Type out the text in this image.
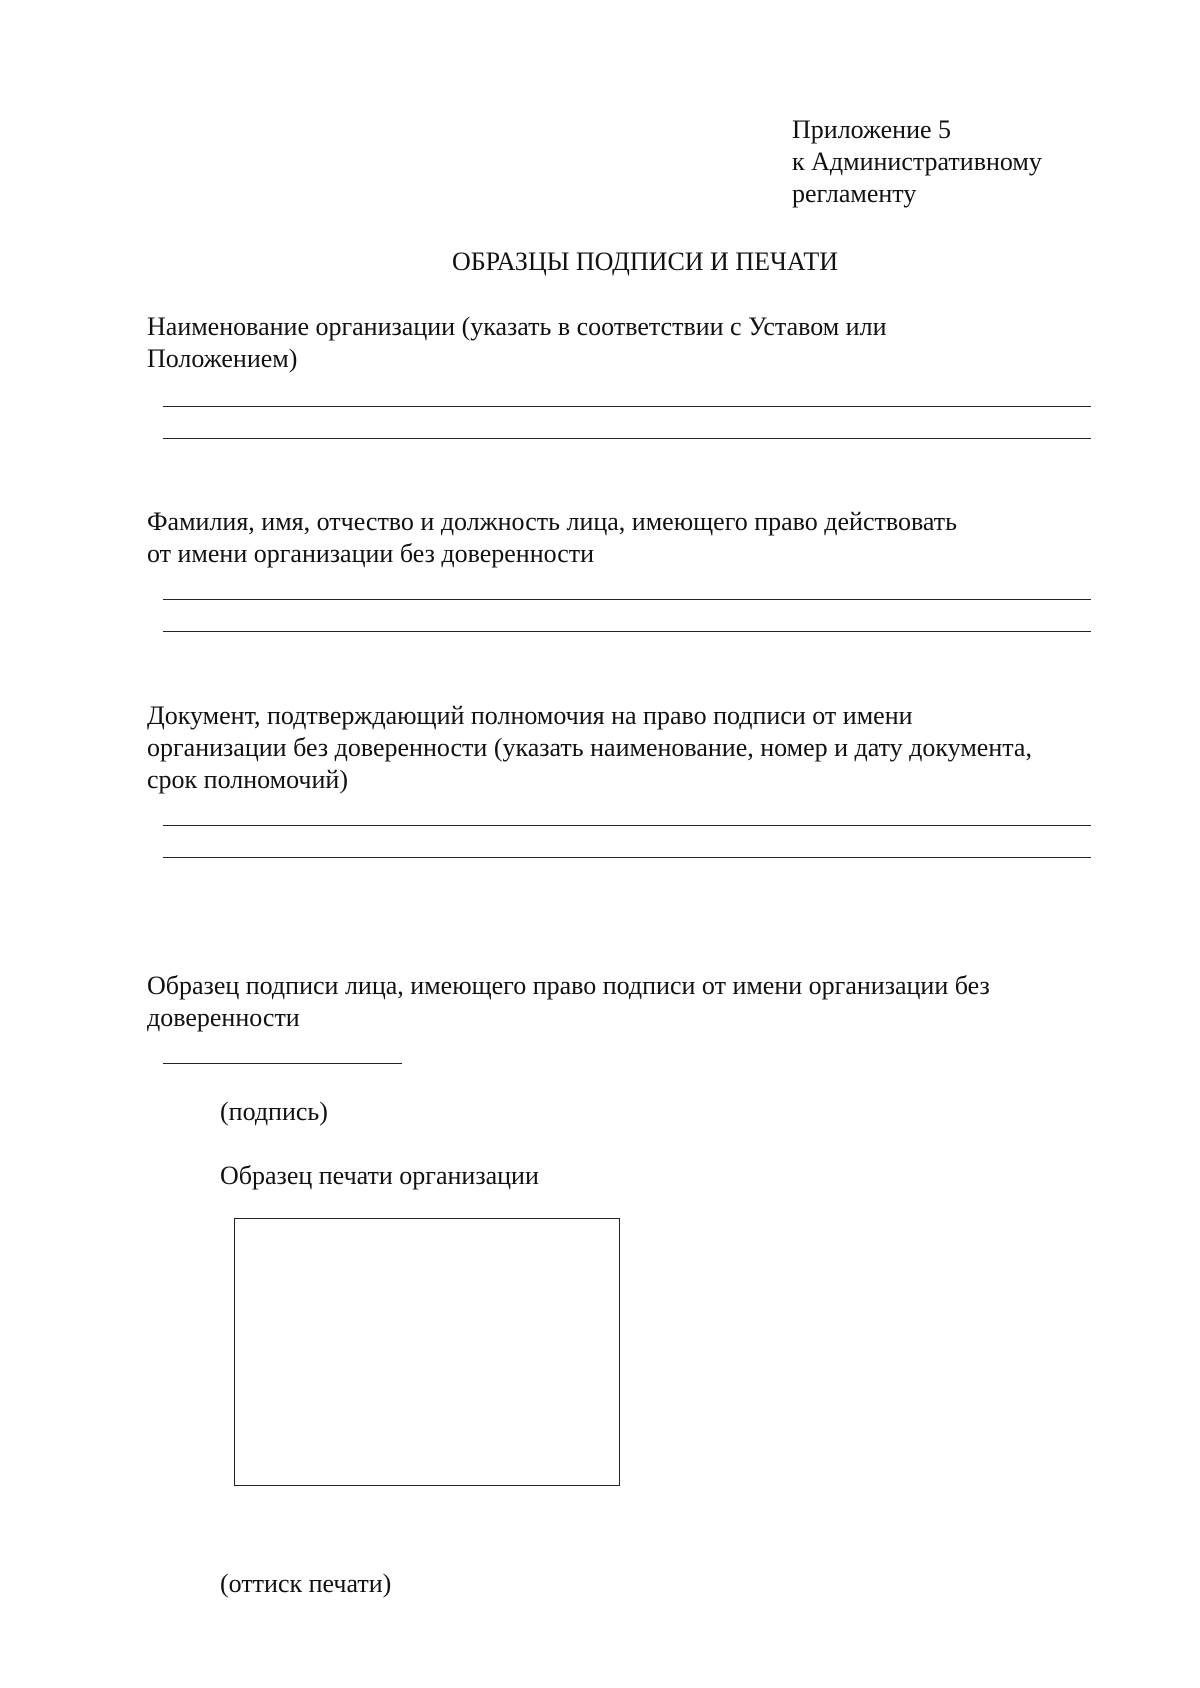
Приложение 5
к Административному
регламенту
ОБРАЗЦЫ ПОДПИСИ И ПЕЧАТИ
Наименование организации (указать в соответствии с Уставом или
Положением)
Фамилия, имя, отчество и должность лица, имеющего право действовать
от имени организации без доверенности
Документ, подтверждающий полномочия на право подписи от имени
организации без доверенности (указать наименование, номер и дату документа,
срок полномочий)
Образец подписи лица, имеющего право подписи от имени организации без
доверенности
(подпись)
Образец печати организации
(оттиск печати)
